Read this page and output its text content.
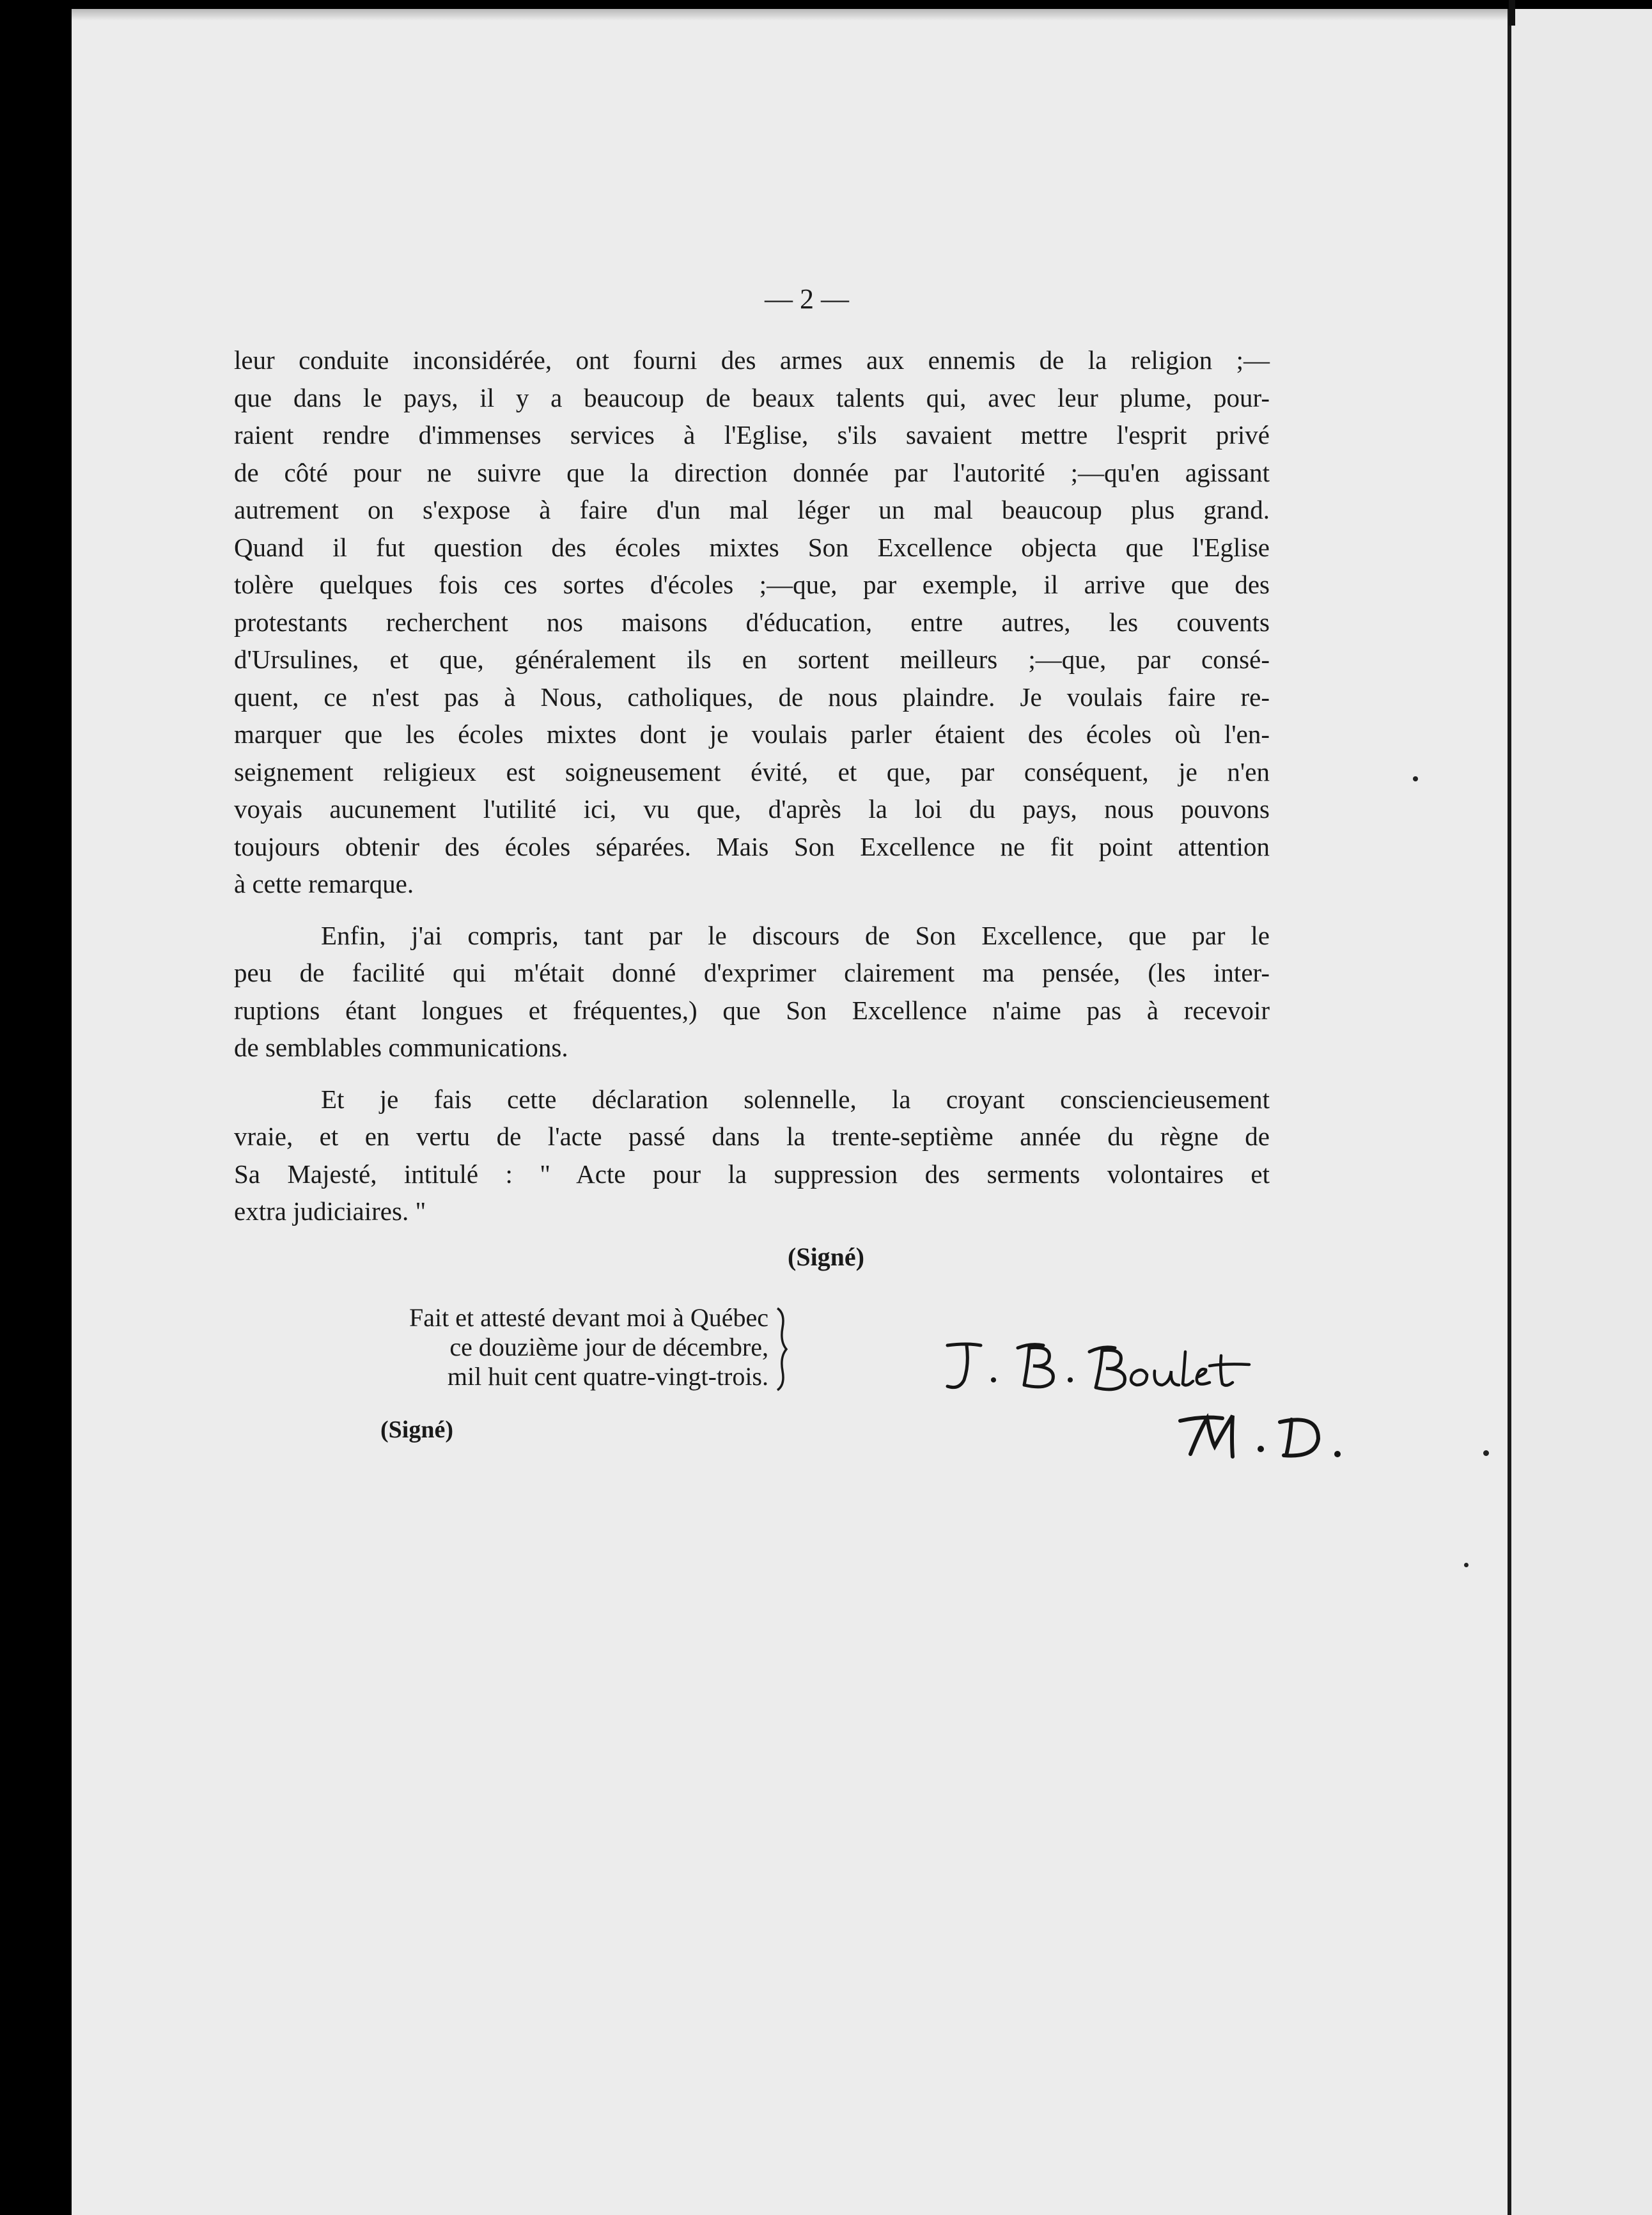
— 2 —
leur conduite inconsidérée, ont fourni des armes aux ennemis de la religion ;—
que dans le pays, il y a beaucoup de beaux talents qui, avec leur plume, pour-
raient rendre d'immenses services à l'Eglise, s'ils savaient mettre l'esprit privé
de côté pour ne suivre que la direction donnée par l'autorité ;—qu'en agissant
autrement on s'expose à faire d'un mal léger un mal beaucoup plus grand.
Quand il fut question des écoles mixtes Son Excellence objecta que l'Eglise
tolère quelques fois ces sortes d'écoles ;—que, par exemple, il arrive que des
protestants recherchent nos maisons d'éducation, entre autres, les couvents
d'Ursulines, et que, généralement ils en sortent meilleurs ;—que, par consé-
quent, ce n'est pas à Nous, catholiques, de nous plaindre. Je voulais faire re-
marquer que les écoles mixtes dont je voulais parler étaient des écoles où l'en-
seignement religieux est soigneusement évité, et que, par conséquent, je n'en
voyais aucunement l'utilité ici, vu que, d'après la loi du pays, nous pouvons
toujours obtenir des écoles séparées. Mais Son Excellence ne fit point attention
à cette remarque.
Enfin, j'ai compris, tant par le discours de Son Excellence, que par le
peu de facilité qui m'était donné d'exprimer clairement ma pensée, (les inter-
ruptions étant longues et fréquentes,) que Son Excellence n'aime pas à recevoir
de semblables communications.
Et je fais cette déclaration solennelle, la croyant consciencieusement
vraie, et en vertu de l'acte passé dans la trente-septième année du règne de
Sa Majesté, intitulé : " Acte pour la suppression des serments volontaires et
extra judiciaires. "
(Signé)
Fait et attesté devant moi à Québec
ce douzième jour de décembre,
mil huit cent quatre-vingt-trois.
(Signé)
